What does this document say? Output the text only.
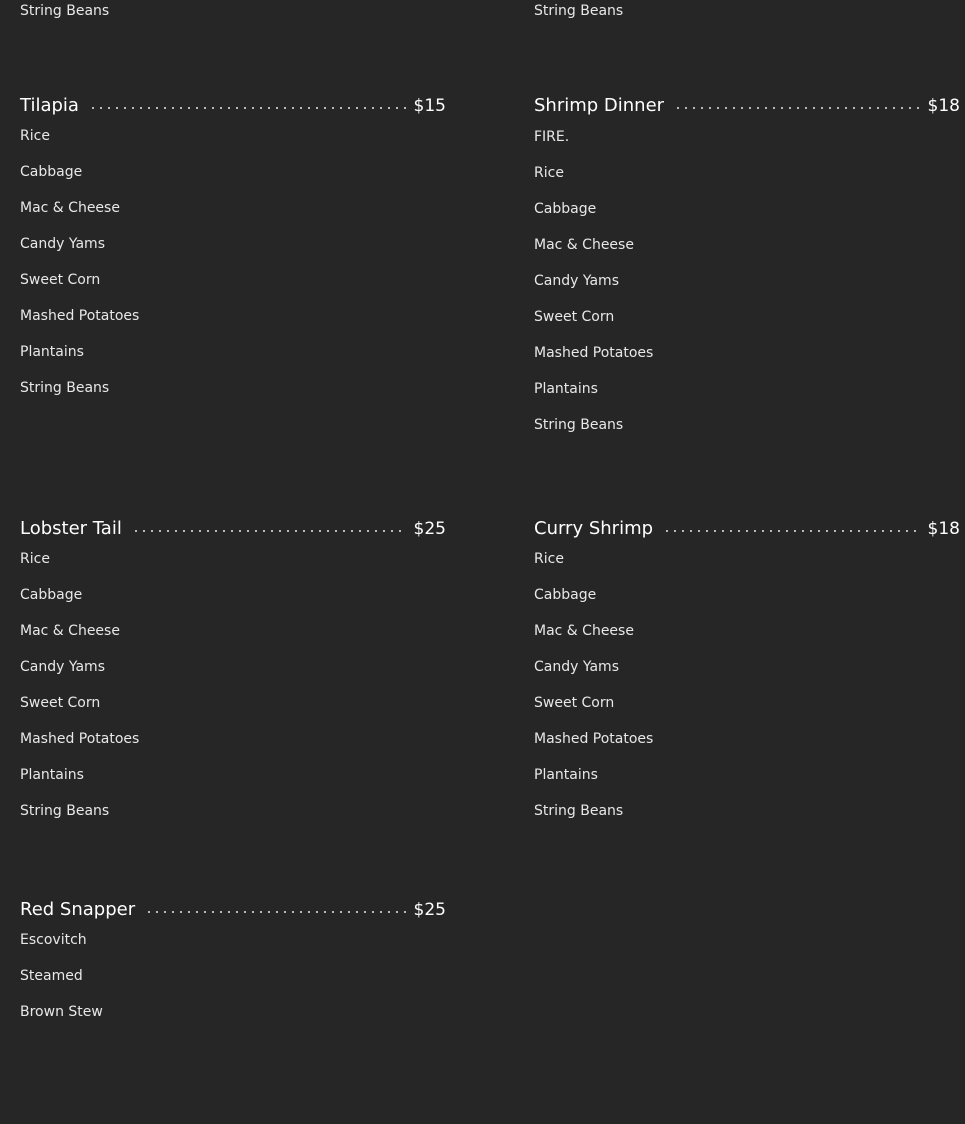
String Beans
Tilapia	$15
Rice
Cabbage
Mac & Cheese
Candy Yams
Sweet Corn
Mashed Potatoes
Plantains
String Beans
Lobster Tail	$25
Rice
Cabbage
Mac & Cheese
Candy Yams
Sweet Corn
Mashed Potatoes
Plantains
String Beans
Red Snapper	$25
Escovitch
Steamed
Brown Stew
String Beans
Shrimp Dinner	$18
FIRE.
Rice
Cabbage
Mac & Cheese
Candy Yams
Sweet Corn
Mashed Potatoes
Plantains
String Beans
Curry Shrimp	$18
Rice
Cabbage
Mac & Cheese
Candy Yams
Sweet Corn
Mashed Potatoes
Plantains
String Beans
